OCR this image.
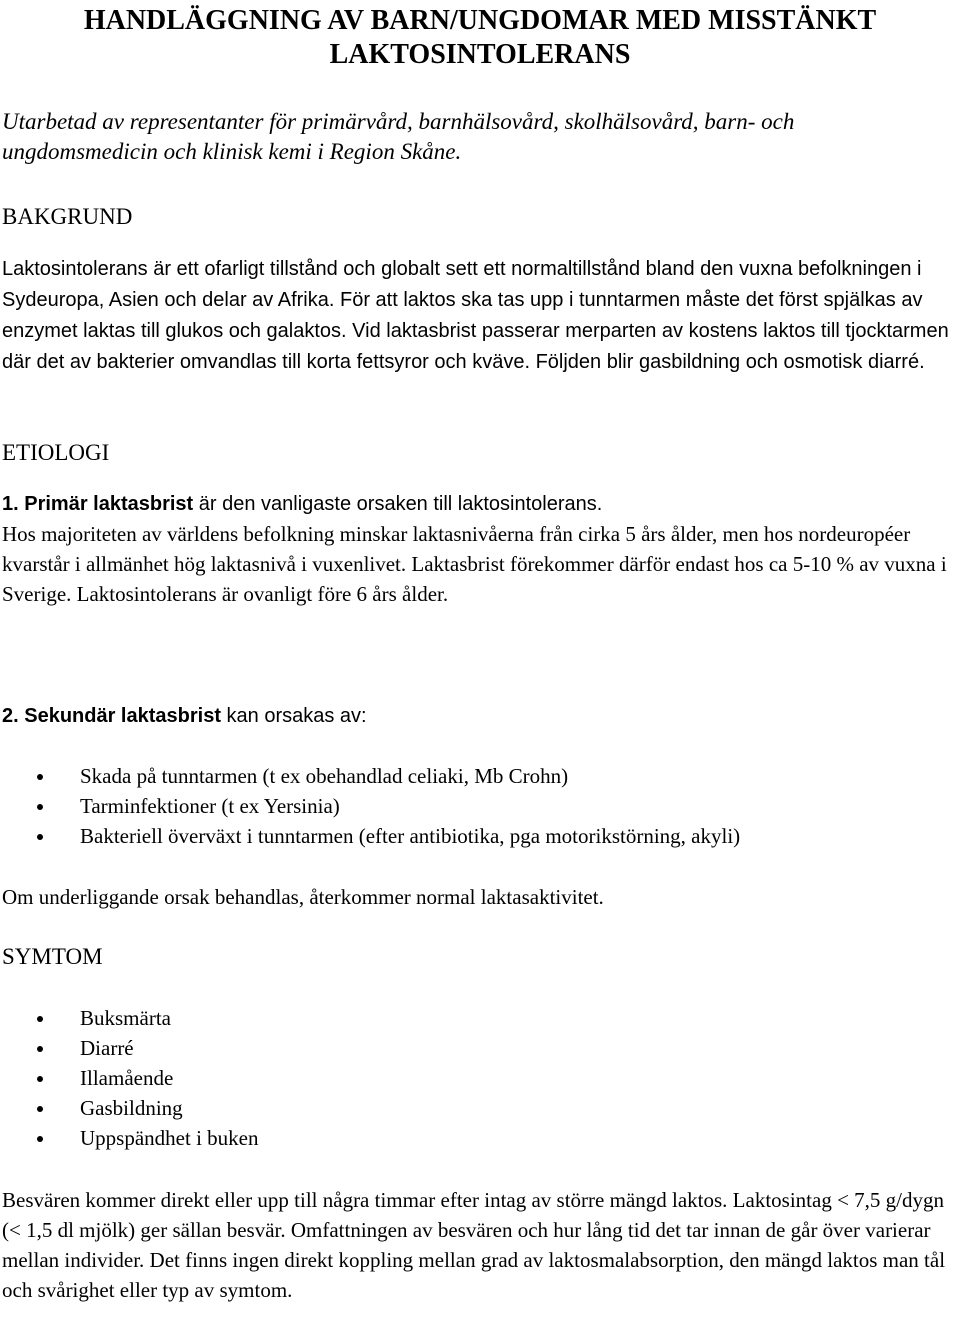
HANDLÄGGNING AV BARN/UNGDOMAR MED MISSTÄNKT
LAKTOSINTOLERANS

Utarbetad av representanter för primärvård, barnhälsovård, skolhälsovård, barn- och ungdomsmedicin och klinisk kemi i Region Skåne.

BAKGRUND

Laktosintolerans är ett ofarligt tillstånd och globalt sett ett normaltillstånd bland den vuxna befolkningen i Sydeuropa, Asien och delar av Afrika. För att laktos ska tas upp i tunntarmen måste det först spjälkas av enzymet laktas till glukos och galaktos. Vid laktasbrist passerar merparten av kostens laktos till tjocktarmen där det av bakterier omvandlas till korta fettsyror och kväve. Följden blir gasbildning och osmotisk diarré.

ETIOLOGI

1. Primär laktasbrist är den vanligaste orsaken till laktosintolerans.

Hos majoriteten av världens befolkning minskar laktasnivåerna från cirka 5 års ålder, men hos nordeuropéer kvarstår i allmänhet hög laktasnivå i vuxenlivet. Laktasbrist förekommer därför endast hos ca 5-10 % av vuxna i Sverige. Laktosintolerans är ovanligt före 6 års ålder.

2. Sekundär laktasbrist kan orsakas av:

Skada på tunntarmen (t ex obehandlad celiaki, Mb Crohn)
Tarminfektioner (t ex Yersinia)
Bakteriell överväxt i tunntarmen (efter antibiotika, pga motorikstörning, akyli)

Om underliggande orsak behandlas, återkommer normal laktasaktivitet.

SYMTOM
Buksmärta
Diarré
Illamående
Gasbildning
Uppspändhet i buken

Besvären kommer direkt eller upp till några timmar efter intag av större mängd laktos. Laktosintag < 7,5 g/dygn (< 1,5 dl mjölk) ger sällan besvär. Omfattningen av besvären och hur lång tid det tar innan de går över varierar mellan individer. Det finns ingen direkt koppling mellan grad av laktosmalabsorption, den mängd laktos man tål och svårighet eller typ av symtom.
